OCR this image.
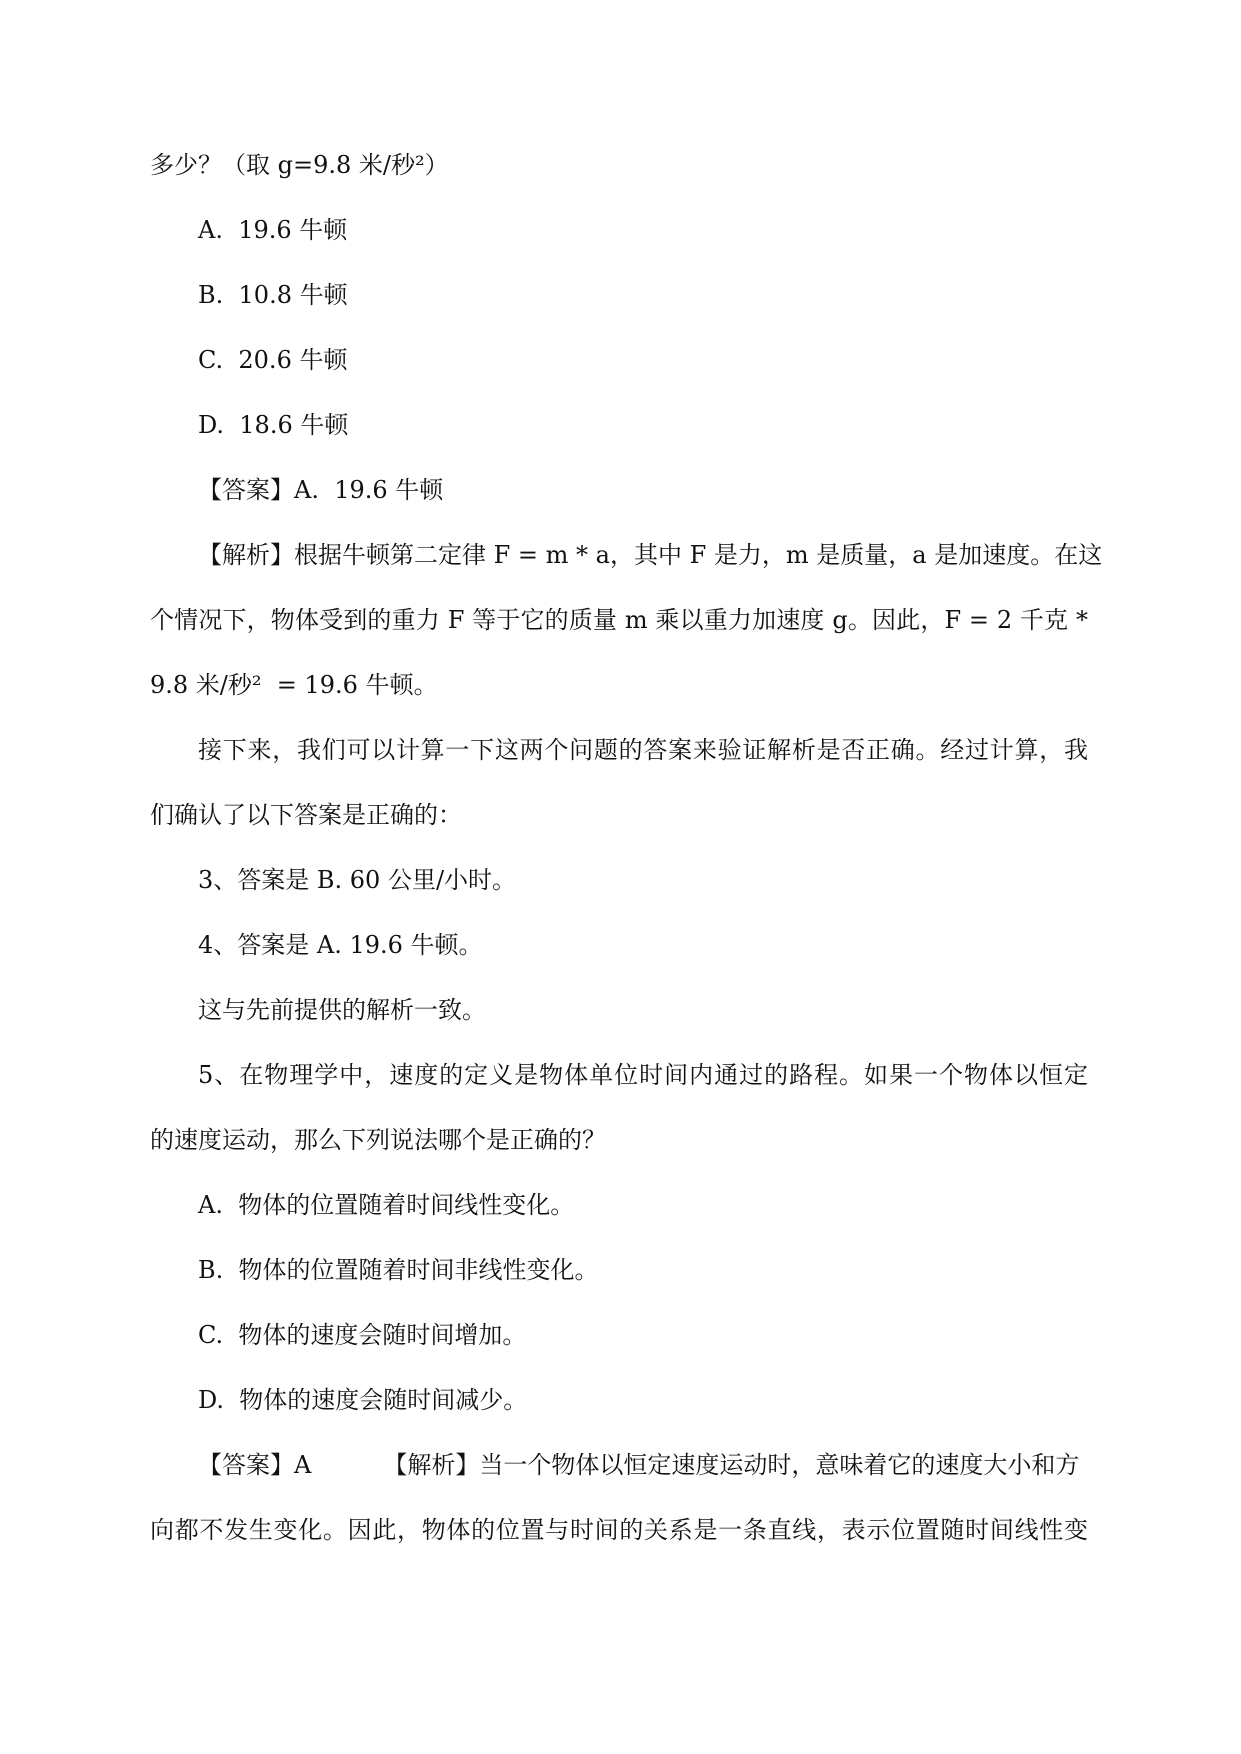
多少？（取 g=9.8 米/秒²）
A.  19.6 牛顿
B.  10.8 牛顿
C.  20.6 牛顿
D.  18.6 牛顿
【答案】A.  19.6 牛顿
【解析】根据牛顿第二定律 F = m * a，其中 F 是力，m 是质量，a 是加速度。在这
个情况下，物体受到的重力 F 等于它的质量 m 乘以重力加速度 g。因此，F = 2 千克 *
9.8 米/秒²  = 19.6 牛顿。
接下来，我们可以计算一下这两个问题的答案来验证解析是否正确。经过计算，我
们确认了以下答案是正确的：
3、答案是 B. 60 公里/小时。
4、答案是 A. 19.6 牛顿。
这与先前提供的解析一致。
5、在物理学中，速度的定义是物体单位时间内通过的路程。如果一个物体以恒定
的速度运动，那么下列说法哪个是正确的？
A.  物体的位置随着时间线性变化。
B.  物体的位置随着时间非线性变化。
C.  物体的速度会随时间增加。
D.  物体的速度会随时间减少。
【答案】A	【解析】当一个物体以恒定速度运动时，意味着它的速度大小和方
向都不发生变化。因此，物体的位置与时间的关系是一条直线，表示位置随时间线性变
